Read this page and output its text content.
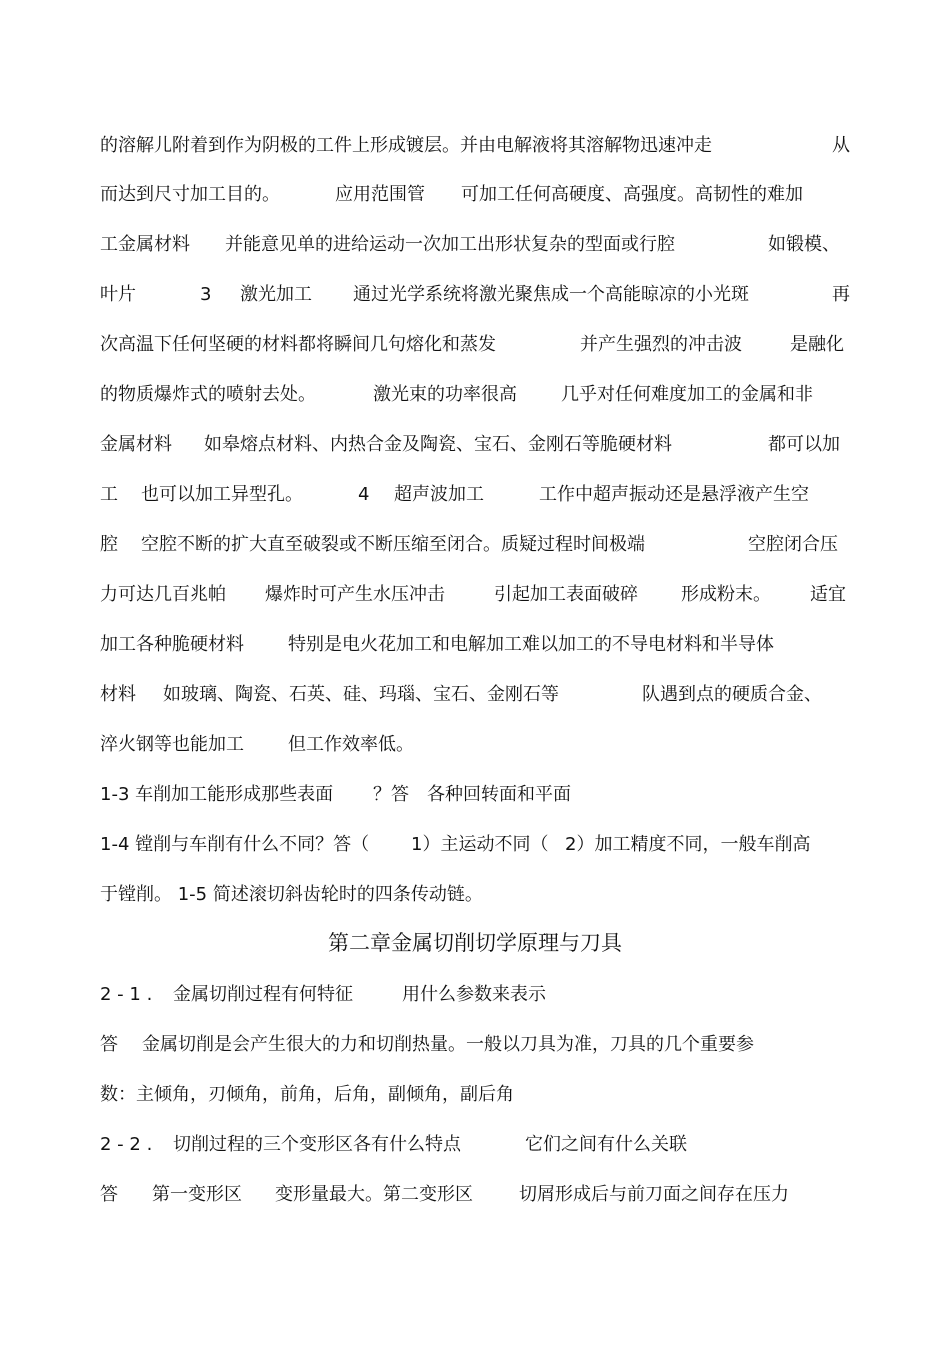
的溶解儿附着到作为阴极的工件上形成镀层。并由电解液将其溶解物迅速冲走	从
而达到尺寸加工目的。	应用范围管 可加工任何高硬度、高强度。高韧性的难加
工金属材料 并能意见单的进给运动一次加工出形状复杂的型面或行腔	如锻模、
叶片	3 激光加工 通过光学系统将激光聚焦成一个高能晾凉的小光斑	再
次高温下任何坚硬的材料都将瞬间几句熔化和蒸发	并产生强烈的冲击波	是融化
的物质爆炸式的喷射去处。	激光束的功率很高 几乎对任何难度加工的金属和非
金属材料 如皋熔点材料、内热合金及陶瓷、宝石、金刚石等脆硬材料	都可以加
工 也可以加工异型孔。	4 超声波加工	工作中超声振动还是悬浮液产生空
腔 空腔不断的扩大直至破裂或不断压缩至闭合。质疑过程时间极端	空腔闭合压
力可达几百兆帕 爆炸时可产生水压冲击	引起加工表面破碎 形成粉末。 适宜
加工各种脆硬材料 特别是电火花加工和电解加工难以加工的不导电材料和半导体
材料 如玻璃、陶瓷、石英、硅、玛瑙、宝石、金刚石等	队遇到点的硬质合金、
淬火钢等也能加工 但工作效率低。
1-3 车削加工能形成那些表面 ？答 各种回转面和平面
1-4 镗削与车削有什么不同？答（ 1）主运动不同（ 2）加工精度不同，一般车削高
于镗削。 1-5 简述滚切斜齿轮时的四条传动链。
2 - 1 . 金属切削过程有何特征	用什么参数来表示
答 金属切削是会产生很大的力和切削热量。一般以刀具为准，刀具的几个重要参
数：主倾角，刃倾角，前角，后角，副倾角，副后角
2 - 2 . 切削过程的三个变形区各有什么特点	它们之间有什么关联
答 第一变形区 变形量最大。第二变形区	切屑形成后与前刀面之间存在压力
第二章金属切削切学原理与刀具
